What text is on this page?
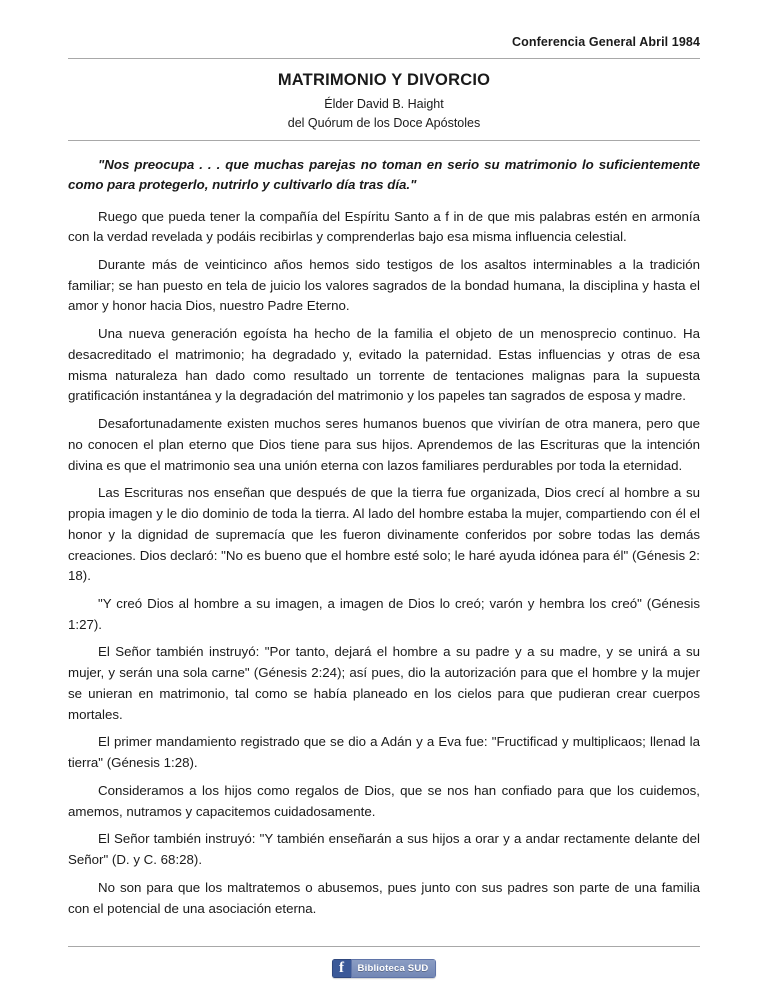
Conferencia General Abril 1984
MATRIMONIO Y DIVORCIO
Élder David B. Haight
del Quórum de los Doce Apóstoles

"Nos preocupa . . . que muchas parejas no toman en serio su matrimonio lo suficientemente como para protegerlo, nutrirlo y cultivarlo día tras día."

Ruego que pueda tener la compañía del Espíritu Santo a f in de que mis palabras estén en armonía con la verdad revelada y podáis recibirlas y comprenderlas bajo esa misma influencia celestial.

Durante más de veinticinco años hemos sido testigos de los asaltos interminables a la tradición familiar; se han puesto en tela de juicio los valores sagrados de la bondad humana, la disciplina y hasta el amor y honor hacia Dios, nuestro Padre Eterno.

Una nueva generación egoísta ha hecho de la familia el objeto de un menosprecio continuo. Ha desacreditado el matrimonio; ha degradado y, evitado la paternidad. Estas influencias y otras de esa misma naturaleza han dado como resultado un torrente de tentaciones malignas para la supuesta gratificación instantánea y la degradación del matrimonio y los papeles tan sagrados de esposa y madre.

Desafortunadamente existen muchos seres humanos buenos que vivirían de otra manera, pero que no conocen el plan eterno que Dios tiene para sus hijos. Aprendemos de las Escrituras que la intención divina es que el matrimonio sea una unión eterna con lazos familiares perdurables por toda la eternidad.

Las Escrituras nos enseñan que después de que la tierra fue organizada, Dios crecí al hombre a su propia imagen y le dio dominio de toda la tierra. Al lado del hombre estaba la mujer, compartiendo con él el honor y la dignidad de supremacía que les fueron divinamente conferidos por sobre todas las demás creaciones. Dios declaró: "No es bueno que el hombre esté solo; le haré ayuda idónea para él" (Génesis 2: 18).

"Y creó Dios al hombre a su imagen, a imagen de Dios lo creó; varón y hembra los creó" (Génesis 1:27).

El Señor también instruyó: "Por tanto, dejará el hombre a su padre y a su madre, y se unirá a su mujer, y serán una sola carne" (Génesis 2:24); así pues, dio la autorización para que el hombre y la mujer se unieran en matrimonio, tal como se había planeado en los cielos para que pudieran crear cuerpos mortales.

El primer mandamiento registrado que se dio a Adán y a Eva fue: "Fructificad y multiplicaos; llenad la tierra" (Génesis 1:28).

Consideramos a los hijos como regalos de Dios, que se nos han confiado para que los cuidemos, amemos, nutramos y capacitemos cuidadosamente.

El Señor también instruyó: "Y también enseñarán a sus hijos a orar y a andar rectamente delante del Señor" (D. y C. 68:28).

No son para que los maltratemos o abusemos, pues junto con sus padres son parte de una familia con el potencial de una asociación eterna.

f Biblioteca SUD
